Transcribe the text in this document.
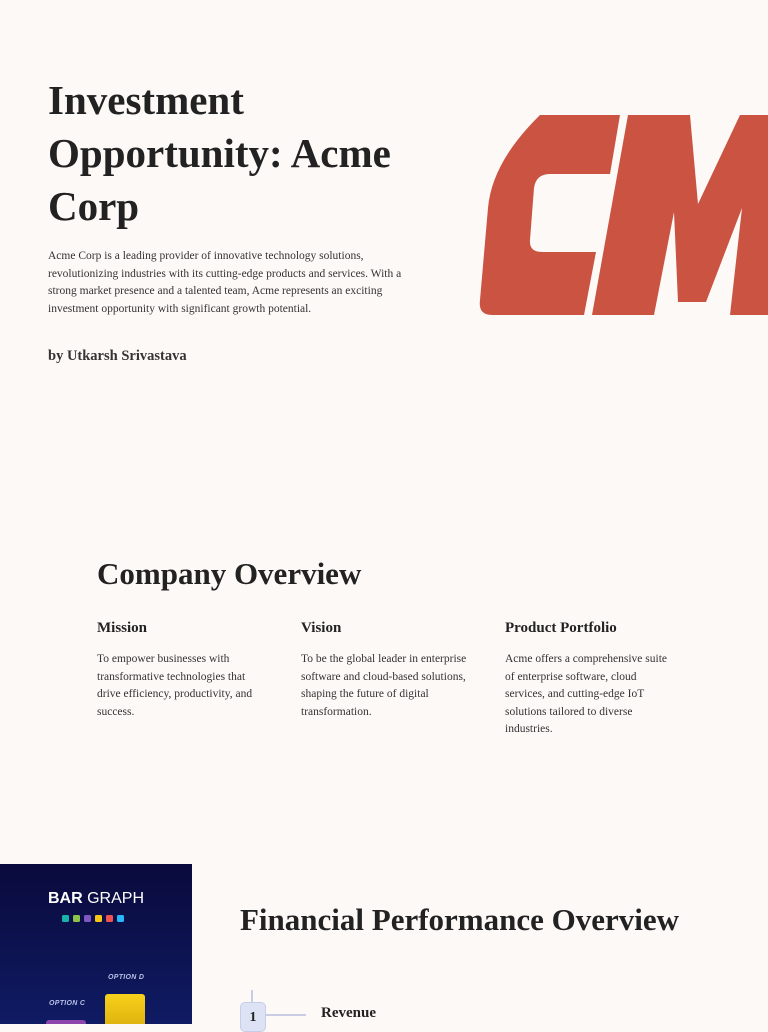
Investment Opportunity: Acme Corp

Acme Corp is a leading provider of innovative technology solutions, revolutionizing industries with its cutting-edge products and services. With a strong market presence and a talented team, Acme represents an exciting investment opportunity with significant growth potential.

by Utkarsh Srivastava

Company Overview
Mission

To empower businesses with transformative technologies that drive efficiency, productivity, and success.

Vision

To be the global leader in enterprise software and cloud-based solutions, shaping the future of digital transformation.

Product Portfolio

Acme offers a comprehensive suite of enterprise software, cloud services, and cutting-edge IoT solutions tailored to diverse industries.

BAR GRAPH
OPTION C
OPTION D
Financial Performance Overview
1	Revenue
